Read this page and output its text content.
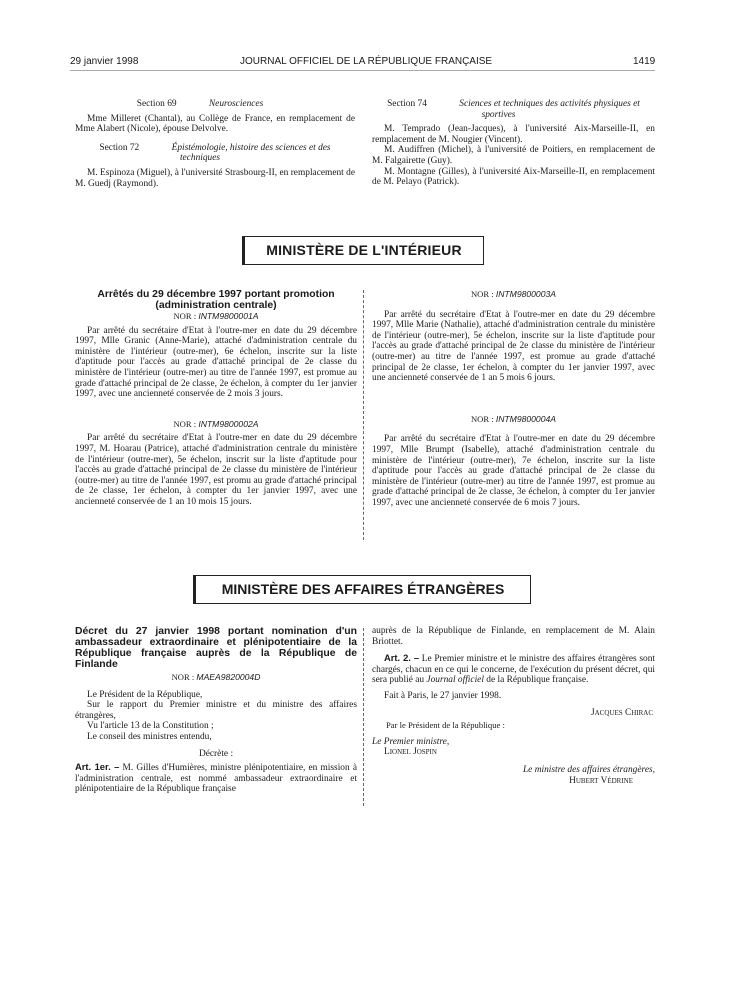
29 janvier 1998	JOURNAL OFFICIEL DE LA RÉPUBLIQUE FRANÇAISE	1419

Section 69	Neurosciences

Mme Milleret (Chantal), au Collège de France, en remplacement de Mme Alabert (Nicole), épouse Delvolve.

Section 72	Épistémologie, histoire des sciences et des techniques

M. Espinoza (Miguel), à l'université Strasbourg-II, en remplacement de M. Guedj (Raymond).

Section 74	Sciences et techniques des activités physiques et sportives

M. Temprado (Jean-Jacques), à l'université Aix-Marseille-II, en remplacement de M. Nougier (Vincent).

M. Audiffren (Michel), à l'université de Poitiers, en remplacement de M. Falgairette (Guy).

M. Montagne (Gilles), à l'université Aix-Marseille-II, en remplacement de M. Pelayo (Patrick).

MINISTÈRE DE L'INTÉRIEUR
Arrêtés du 29 décembre 1997 portant promotion (administration centrale)

NOR : INTM9800001A

Par arrêté du secrétaire d'Etat à l'outre-mer en date du 29 décembre 1997, Mlle Granic (Anne-Marie), attaché d'administration centrale du ministère de l'intérieur (outre-mer), 6e échelon, inscrite sur la liste d'aptitude pour l'accès au grade d'attaché principal de 2e classe du ministère de l'intérieur (outre-mer) au titre de l'année 1997, est promue au grade d'attaché principal de 2e classe, 2e échelon, à compter du 1er janvier 1997, avec une ancienneté conservée de 2 mois 3 jours.

NOR : INTM9800002A

Par arrêté du secrétaire d'Etat à l'outre-mer en date du 29 décembre 1997, M. Hoarau (Patrice), attaché d'administration centrale du ministère de l'intérieur (outre-mer), 5e échelon, inscrit sur la liste d'aptitude pour l'accès au grade d'attaché principal de 2e classe du ministère de l'intérieur (outre-mer) au titre de l'année 1997, est promu au grade d'attaché principal de 2e classe, 1er échelon, à compter du 1er janvier 1997, avec une ancienneté conservée de 1 an 10 mois 15 jours.

NOR : INTM9800003A

Par arrêté du secrétaire d'Etat à l'outre-mer en date du 29 décembre 1997, Mlle Marie (Nathalie), attaché d'administration centrale du ministère de l'intérieur (outre-mer), 5e échelon, inscrite sur la liste d'aptitude pour l'accès au grade d'attaché principal de 2e classe du ministère de l'intérieur (outre-mer) au titre de l'année 1997, est promue au grade d'attaché principal de 2e classe, 1er échelon, à compter du 1er janvier 1997, avec une ancienneté conservée de 1 an 5 mois 6 jours.

NOR : INTM9800004A

Par arrêté du secrétaire d'Etat à l'outre-mer en date du 29 décembre 1997, Mlle Brumpt (Isabelle), attaché d'administration centrale du ministère de l'intérieur (outre-mer), 7e échelon, inscrite sur la liste d'aptitude pour l'accès au grade d'attaché principal de 2e classe du ministère de l'intérieur (outre-mer) au titre de l'année 1997, est promue au grade d'attaché principal de 2e classe, 3e échelon, à compter du 1er janvier 1997, avec une ancienneté conservée de 6 mois 7 jours.

MINISTÈRE DES AFFAIRES ÉTRANGÈRES
Décret du 27 janvier 1998 portant nomination d'un ambassadeur extraordinaire et plénipotentiaire de la République française auprès de la République de Finlande

NOR : MAEA9820004D

Le Président de la République,

Sur le rapport du Premier ministre et du ministre des affaires étrangères,

Vu l'article 13 de la Constitution ;

Le conseil des ministres entendu,

Décrète :

Art. 1er. – M. Gilles d'Humières, ministre plénipotentiaire, en mission à l'administration centrale, est nommé ambassadeur extraordinaire et plénipotentiaire de la République française

auprès de la République de Finlande, en remplacement de M. Alain Briottet.

Art. 2. – Le Premier ministre et le ministre des affaires étrangères sont chargés, chacun en ce qui le concerne, de l'exécution du présent décret, qui sera publié au Journal officiel de la République française.

Fait à Paris, le 27 janvier 1998.

Jacques Chirac

Par le Président de la République :

Le Premier ministre,

Lionel Jospin

Le ministre des affaires étrangères,

Hubert Védrine
